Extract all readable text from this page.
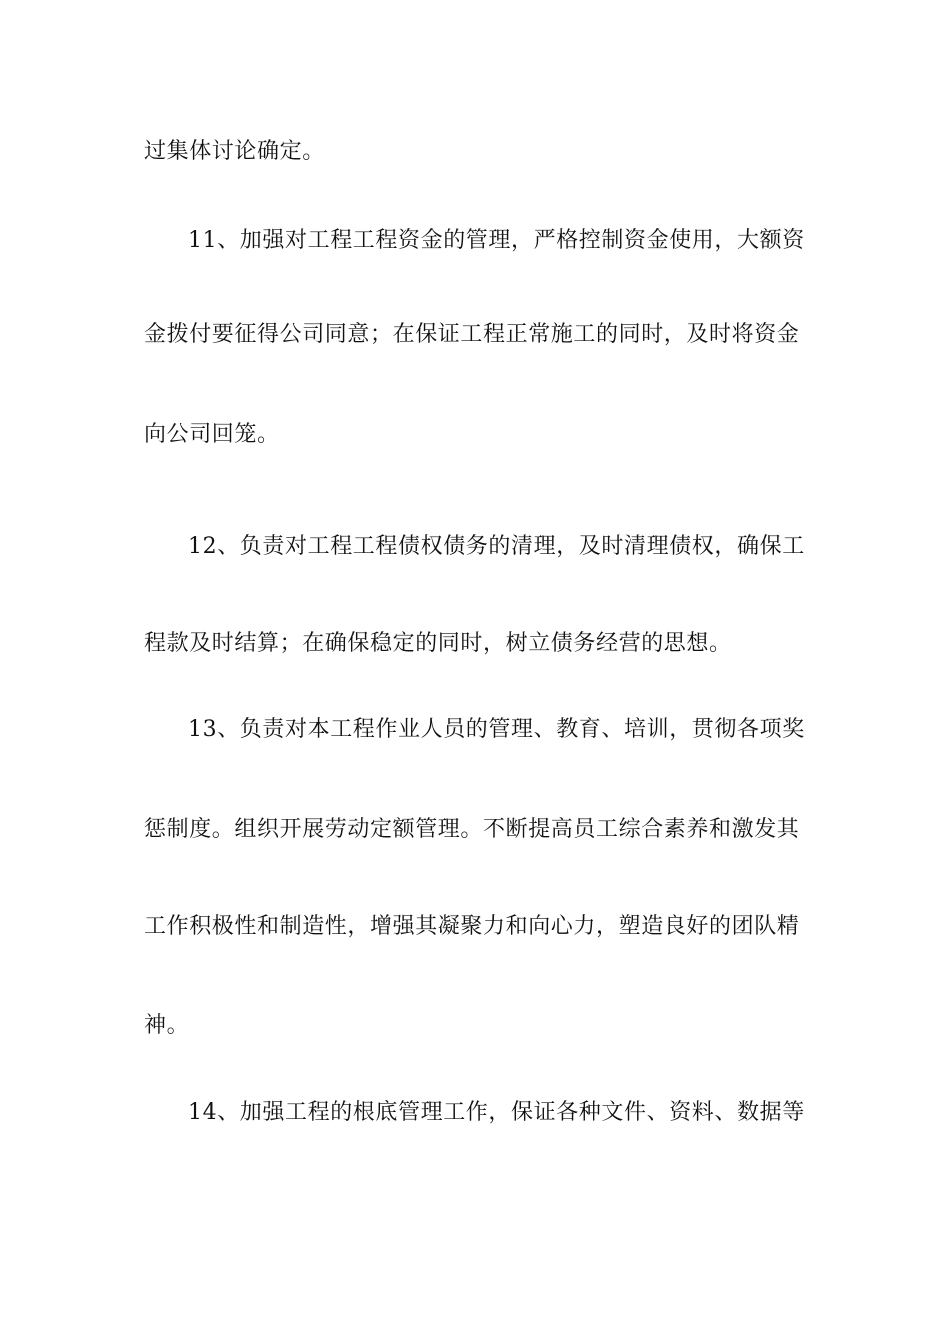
过集体讨论确定。
11、加强对工程工程资金的管理，严格控制资金使用，大额资
金拨付要征得公司同意；在保证工程正常施工的同时，及时将资金
向公司回笼。
12、负责对工程工程债权债务的清理，及时清理债权，确保工
程款及时结算；在确保稳定的同时，树立债务经营的思想。
13、负责对本工程作业人员的管理、教育、培训，贯彻各项奖
惩制度。组织开展劳动定额管理。不断提高员工综合素养和激发其
工作积极性和制造性，增强其凝聚力和向心力，塑造良好的团队精
神。
14、加强工程的根底管理工作，保证各种文件、资料、数据等
